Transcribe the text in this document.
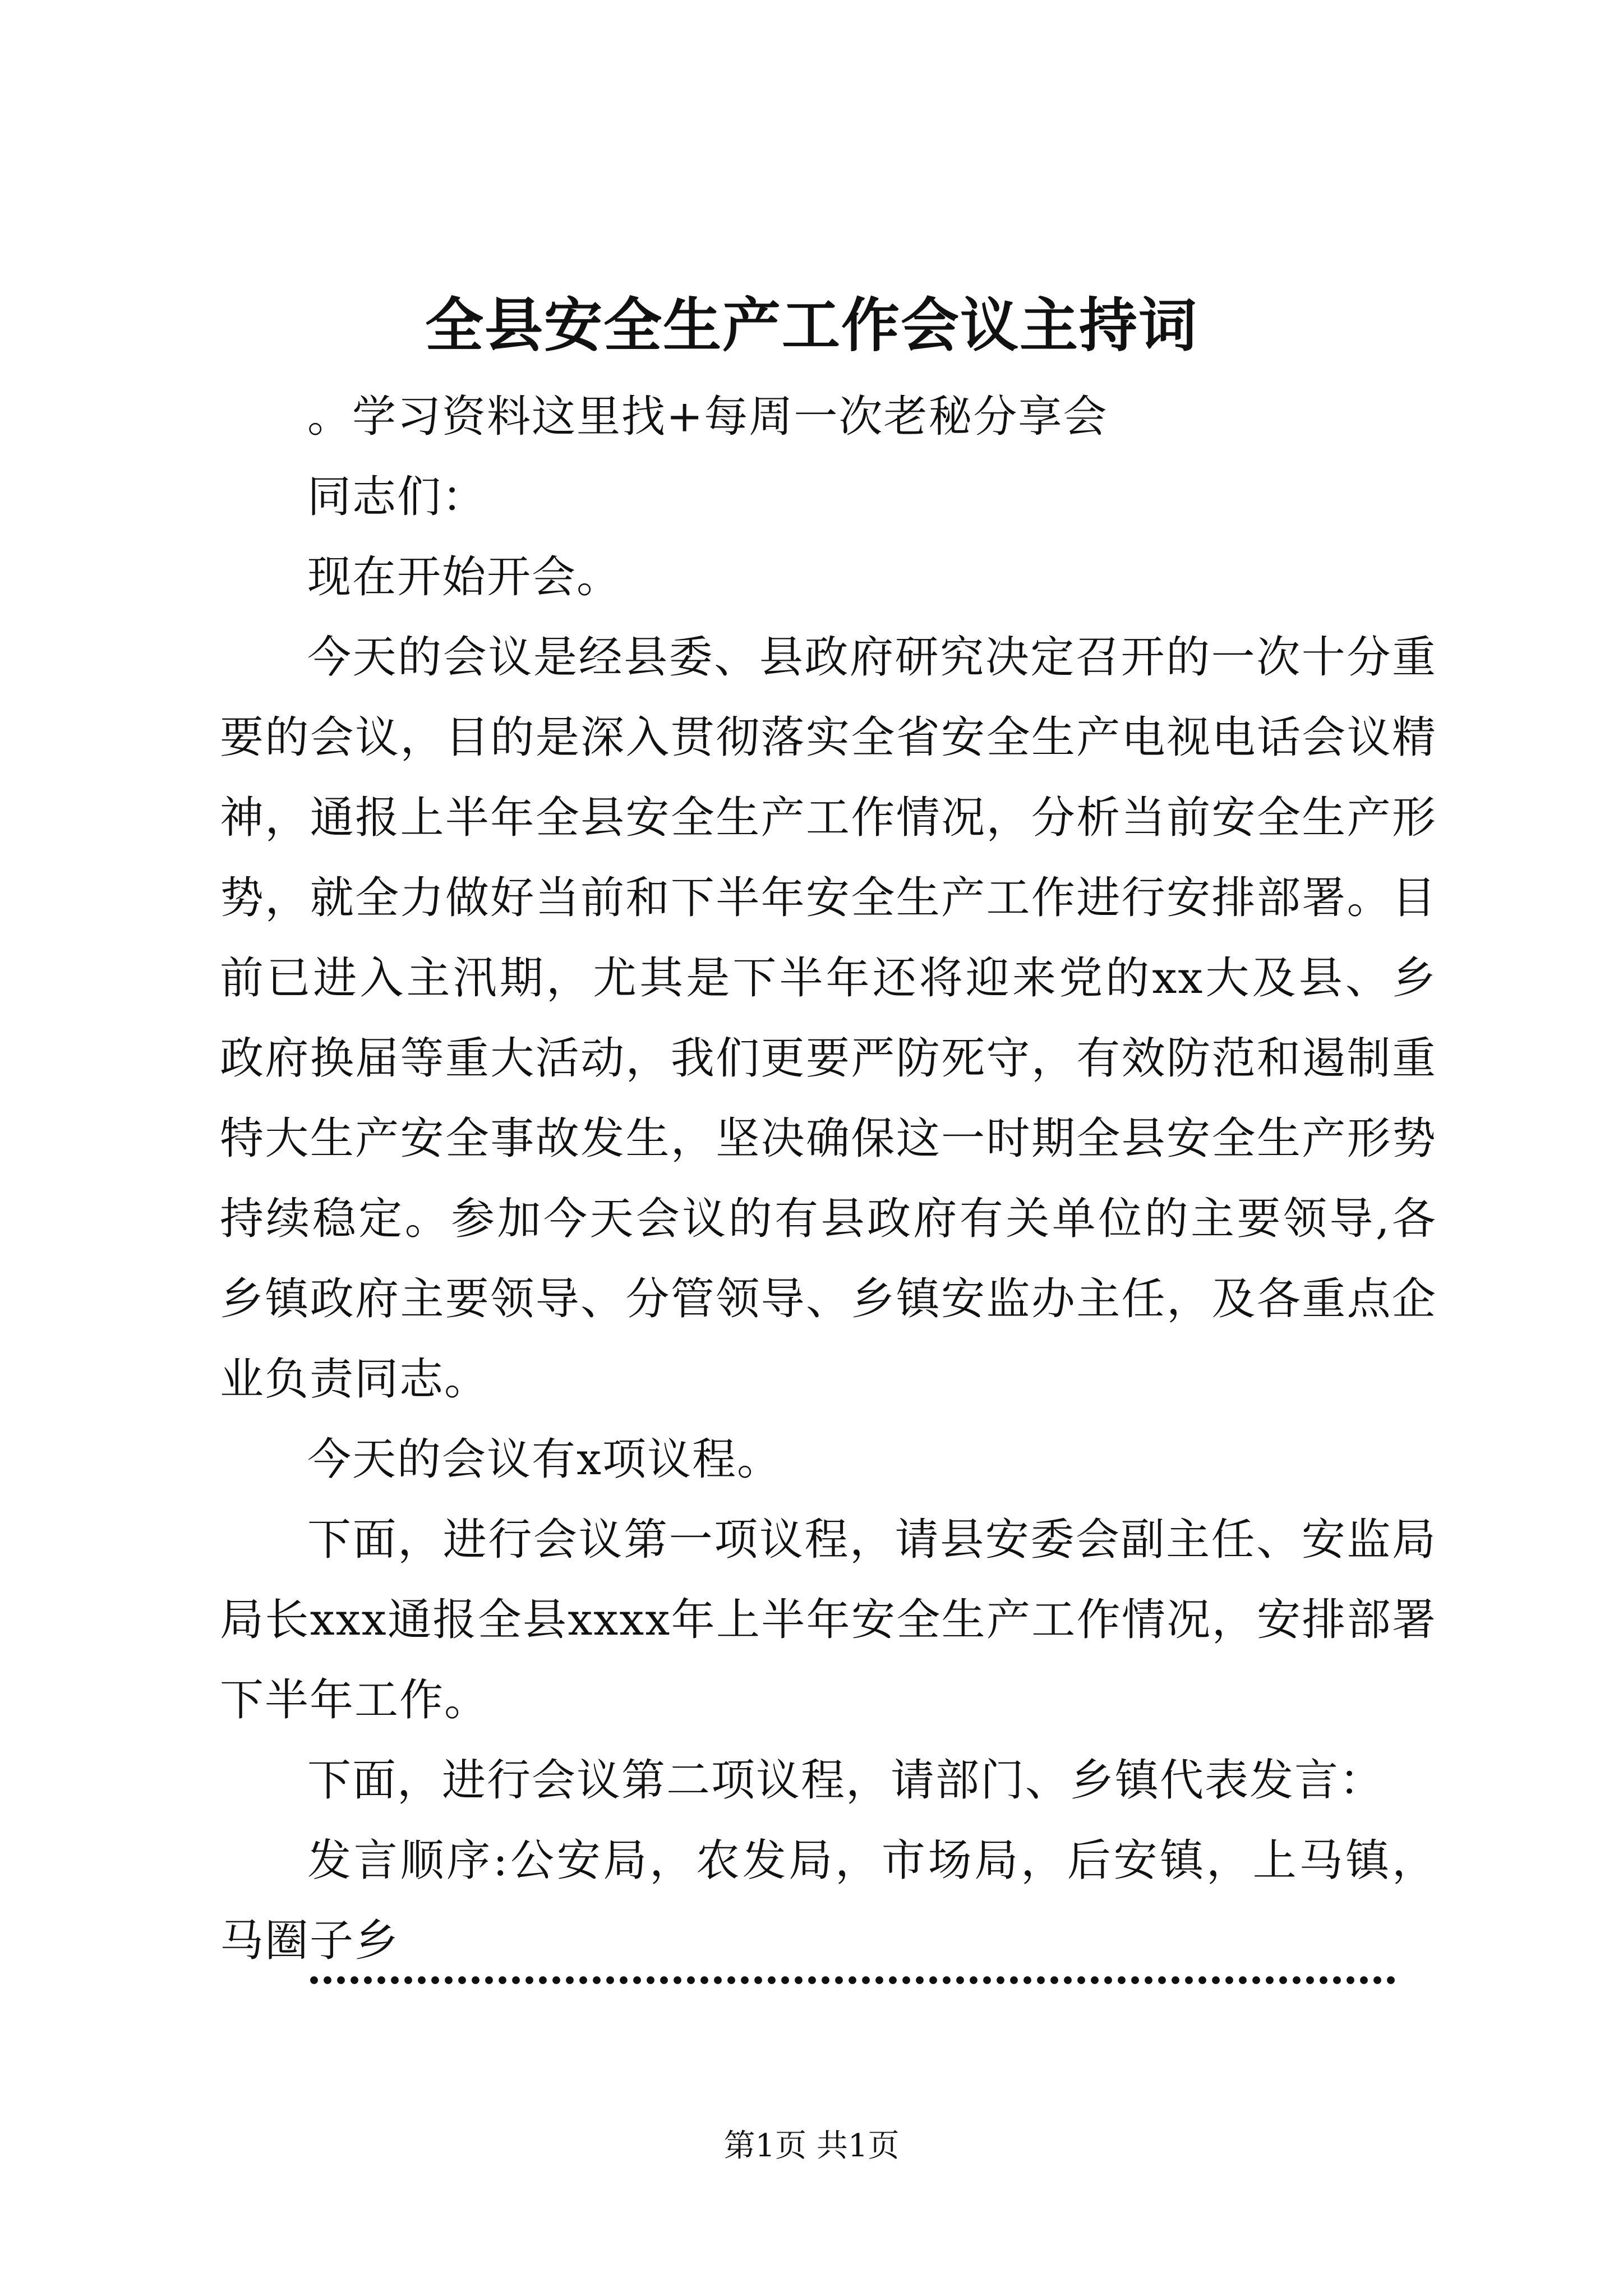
全县安全生产工作会议主持词

。学习资料这里找+每周一次老秘分享会

同志们：

现在开始开会。

今天的会议是经县委、县政府研究决定召开的一次十分重要的会议，目的是深入贯彻落实全省安全生产电视电话会议精神，通报上半年全县安全生产工作情况，分析当前安全生产形势，就全力做好当前和下半年安全生产工作进行安排部署。目前已进入主汛期，尤其是下半年还将迎来党的xx大及县、乡政府换届等重大活动，我们更要严防死守，有效防范和遏制重特大生产安全事故发生，坚决确保这一时期全县安全生产形势持续稳定。参加今天会议的有县政府有关单位的主要领导,各乡镇政府主要领导、分管领导、乡镇安监办主任，及各重点企业负责同志。

今天的会议有x项议程。

下面，进行会议第一项议程，请县安委会副主任、安监局局长xxx通报全县xxxx年上半年安全生产工作情况，安排部署下半年工作。

下面，进行会议第二项议程，请部门、乡镇代表发言：

发言顺序:公安局，农发局，市场局，后安镇，上马镇，马圈子乡

第1页 共1页
